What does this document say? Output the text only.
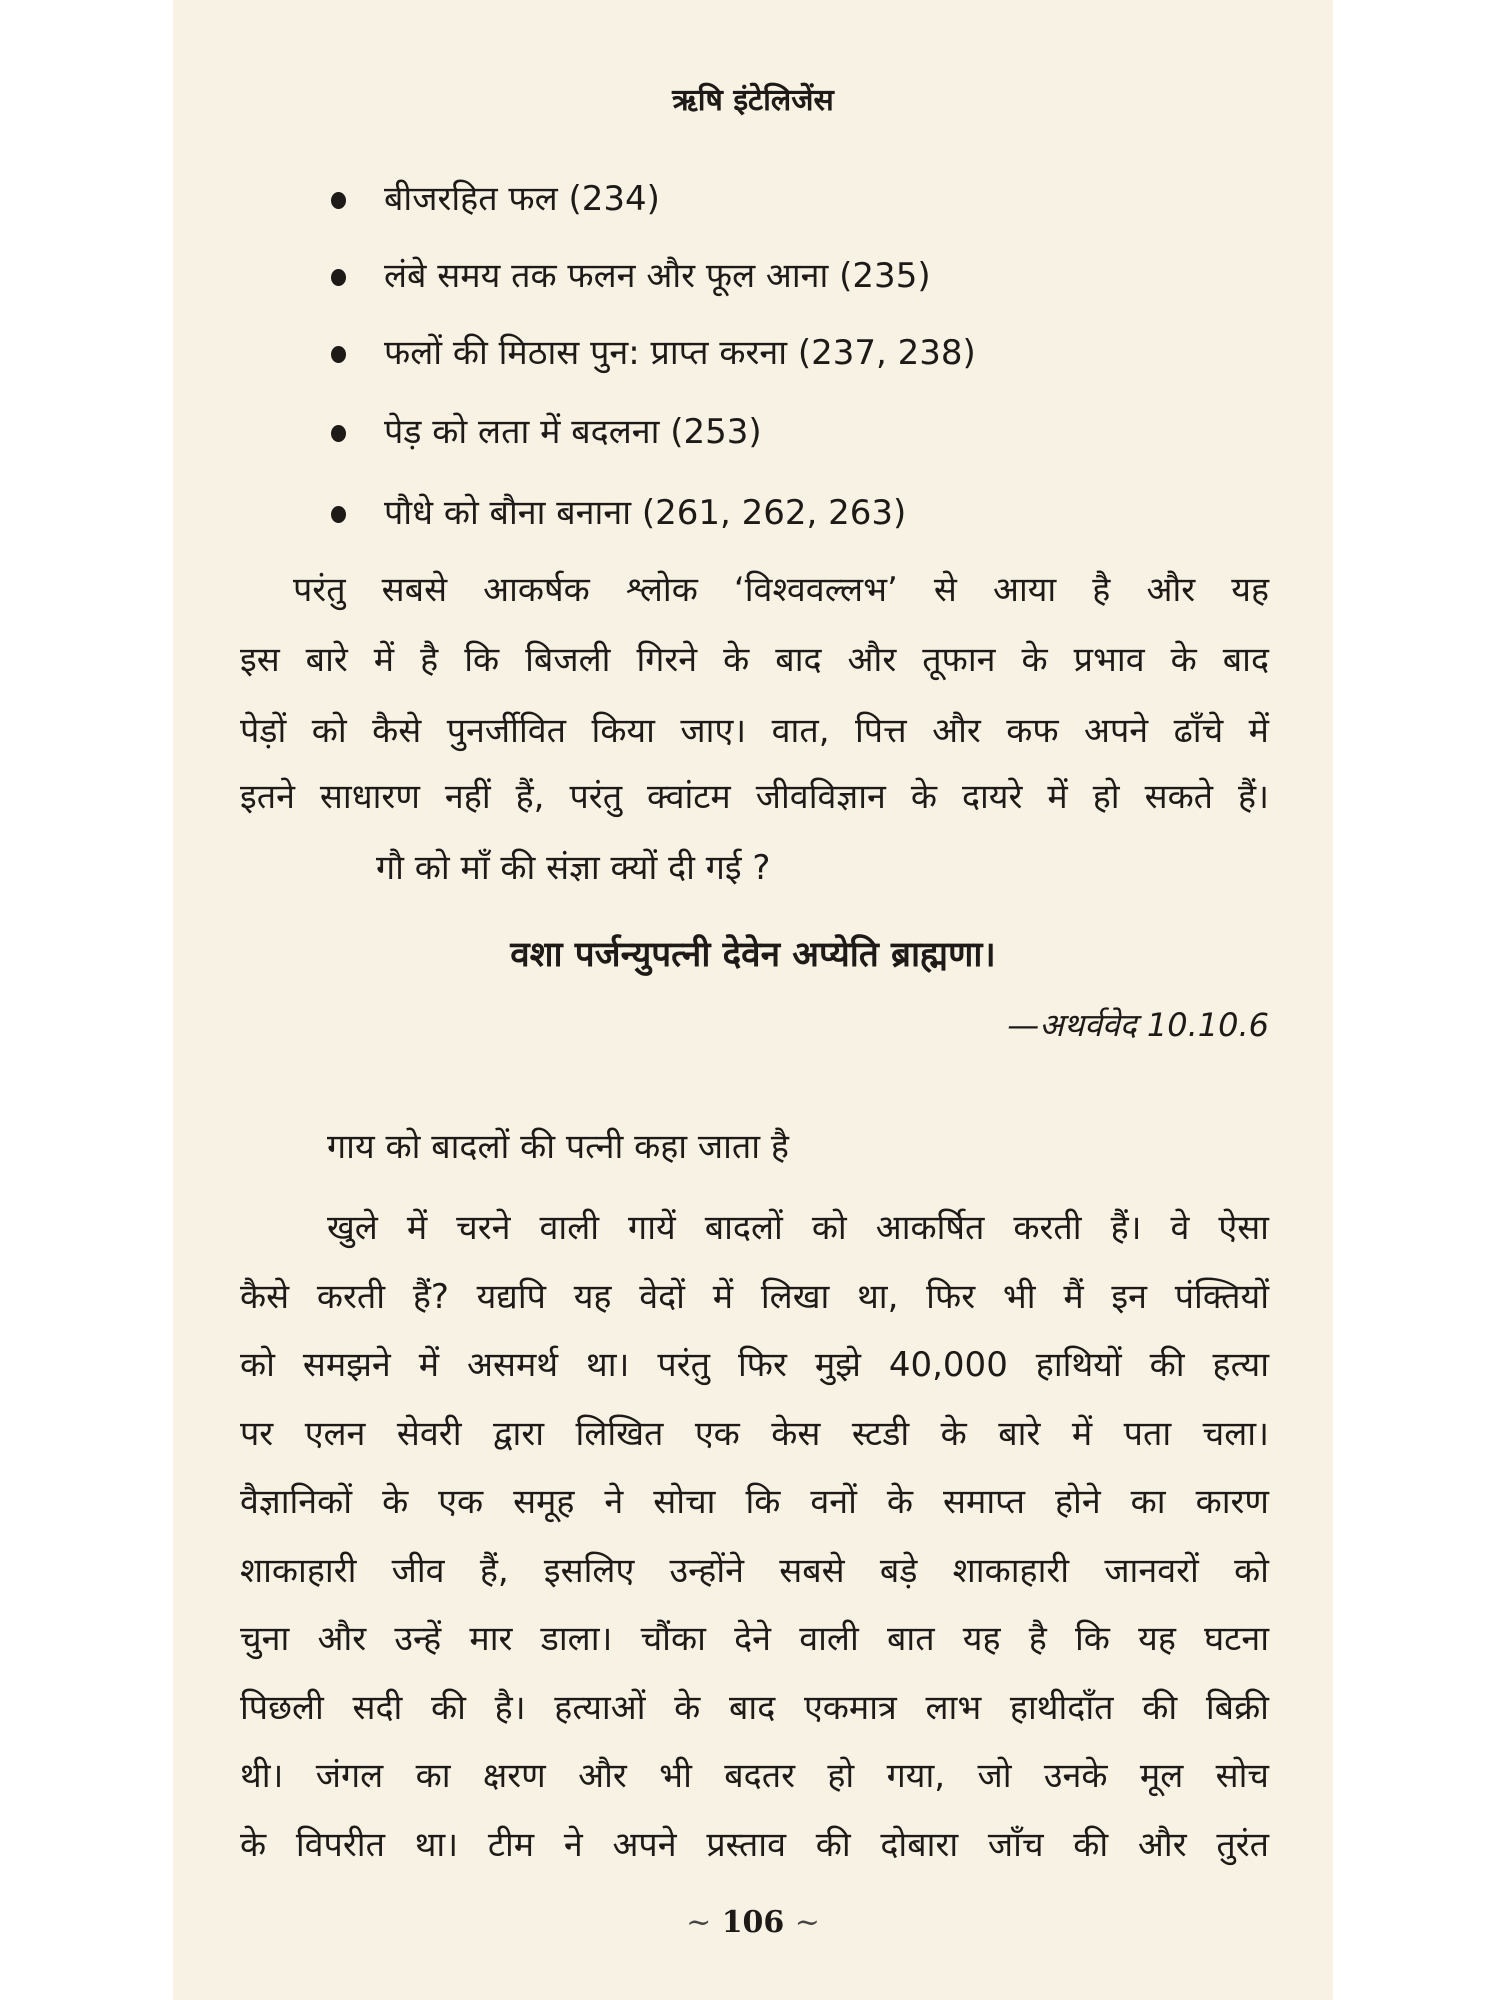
ऋषि इंटेलिजेंस
बीजरहित फल (234)
लंबे समय तक फलन और फूल आना (235)
फलों की मिठास पुन: प्राप्त करना (237, 238)
पेड़ को लता में बदलना (253)
पौधे को बौना बनाना (261, 262, 263)
परंतु सबसे आकर्षक श्लोक ‘विश्ववल्लभ’ से आया है और यह
इस बारे में है कि बिजली गिरने के बाद और तूफान के प्रभाव के बाद
पेड़ों को कैसे पुनर्जीवित किया जाए। वात, पित्त और कफ अपने ढाँचे में
इतने साधारण नहीं हैं, परंतु क्वांटम जीवविज्ञान के दायरे में हो सकते हैं।
गौ को माँ की संज्ञा क्यों दी गई ?
वशा पर्जन्युपत्नी देवेन अप्येति ब्राह्मणा।
—अथर्ववेद 10.10.6
गाय को बादलों की पत्नी कहा जाता है
खुले में चरने वाली गायें बादलों को आकर्षित करती हैं। वे ऐसा
कैसे करती हैं? यद्यपि यह वेदों में लिखा था, फिर भी मैं इन पंक्तियों
को समझने में असमर्थ था। परंतु फिर मुझे 40,000 हाथियों की हत्या
पर एलन सेवरी द्वारा लिखित एक केस स्टडी के बारे में पता चला।
वैज्ञानिकों के एक समूह ने सोचा कि वनों के समाप्त होने का कारण
शाकाहारी जीव हैं, इसलिए उन्होंने सबसे बड़े शाकाहारी जानवरों को
चुना और उन्हें मार डाला। चौंका देने वाली बात यह है कि यह घटना
पिछली सदी की है। हत्याओं के बाद एकमात्र लाभ हाथीदाँत की बिक्री
थी। जंगल का क्षरण और भी बदतर हो गया, जो उनके मूल सोच
के विपरीत था। टीम ने अपने प्रस्ताव की दोबारा जाँच की और तुरंत
~ 106 ~
